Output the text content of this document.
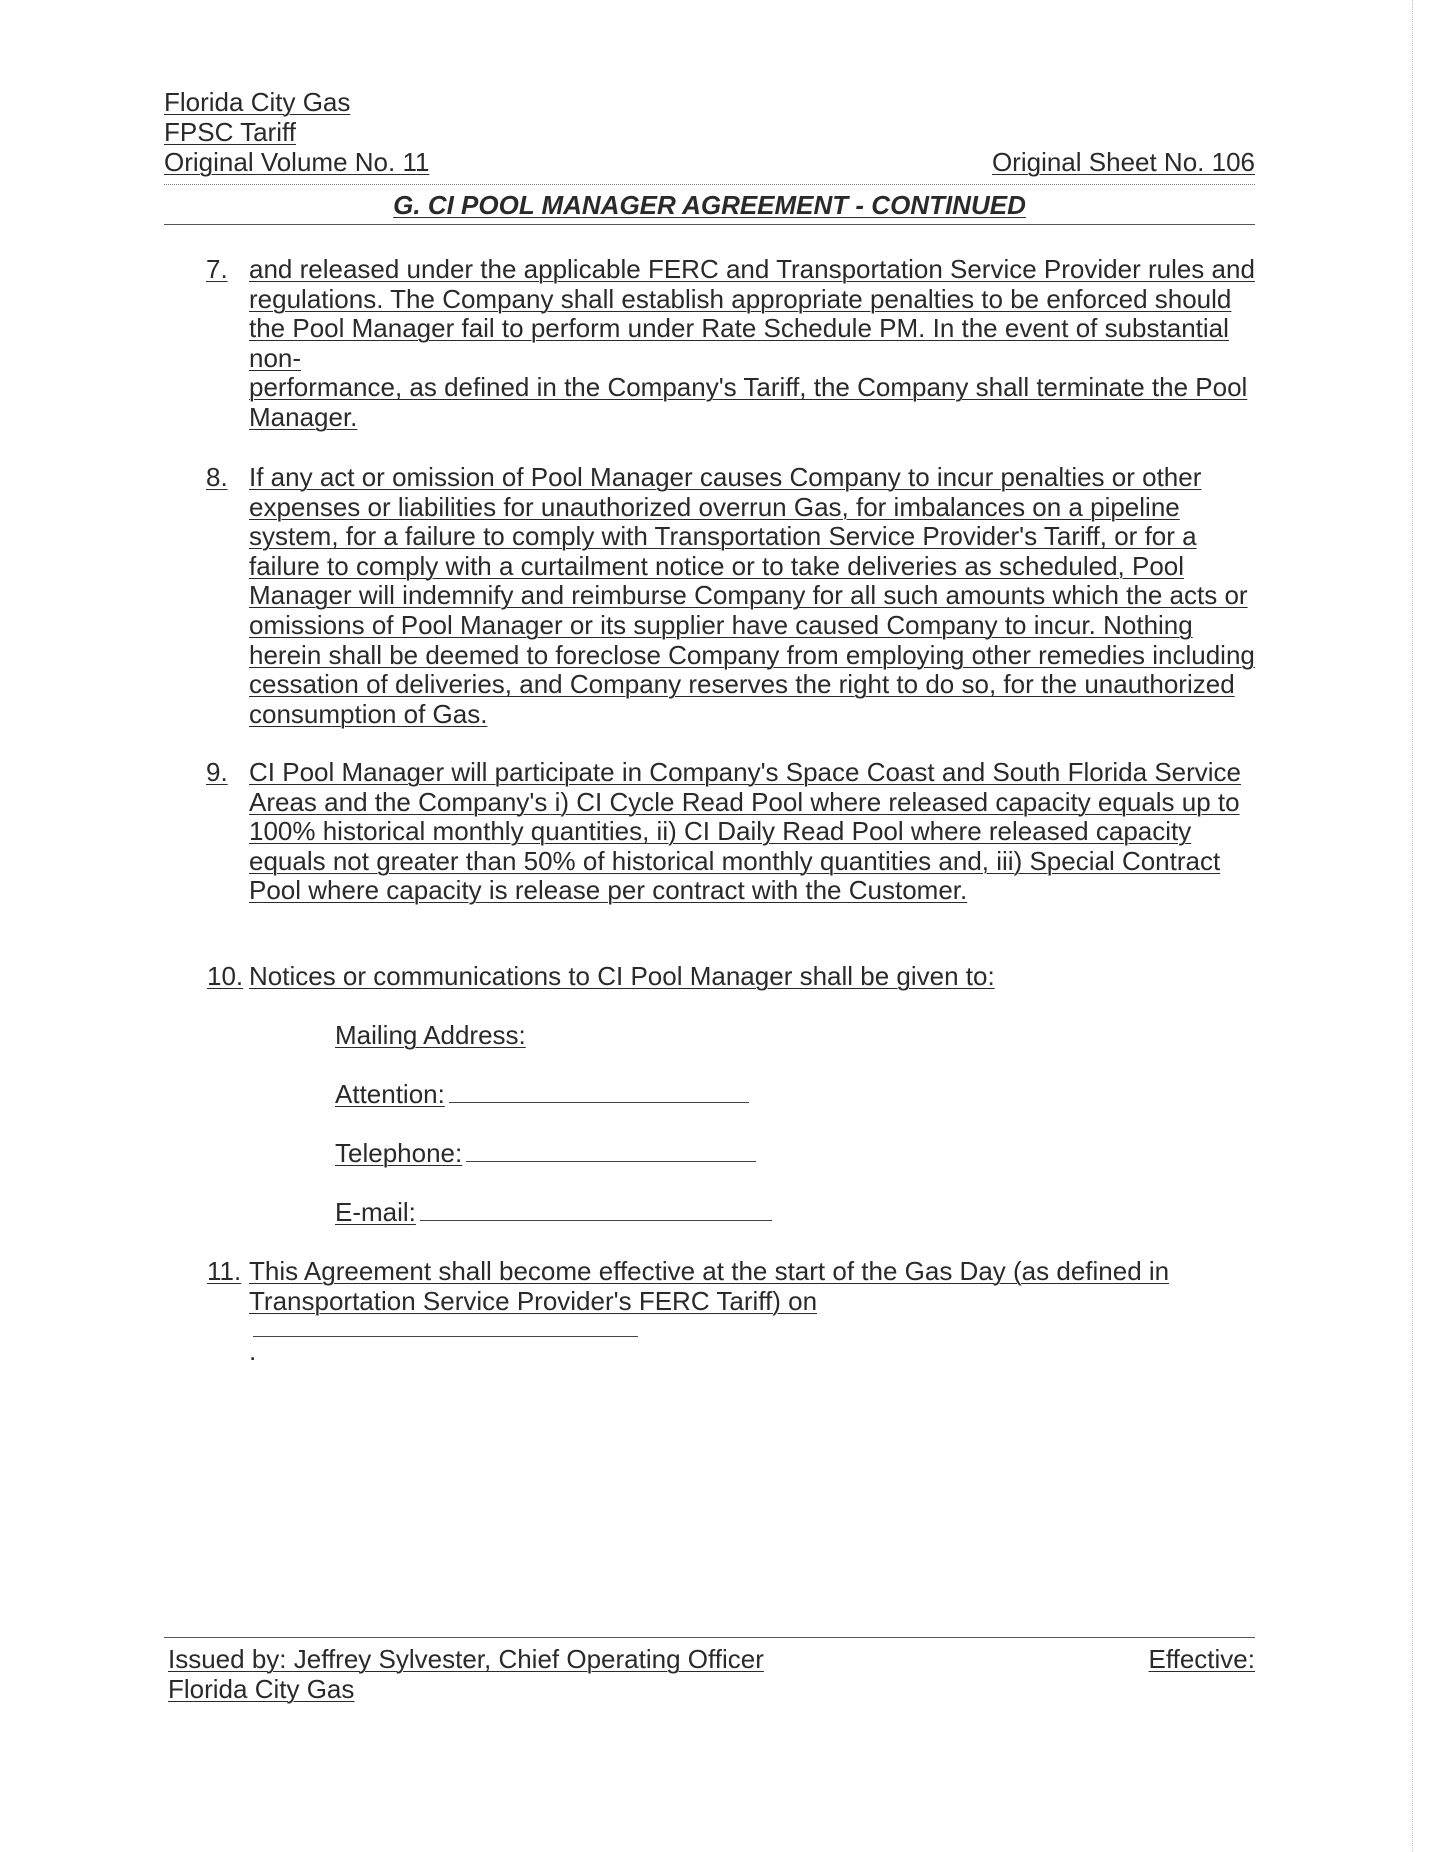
Florida City Gas
FPSC Tariff
Original Volume No. 11	Original Sheet No. 106
G. CI POOL MANAGER AGREEMENT - CONTINUED
7. and released under the applicable FERC and Transportation Service Provider rules and
regulations. The Company shall establish appropriate penalties to be enforced should
the Pool Manager fail to perform under Rate Schedule PM. In the event of substantial
non-
performance, as defined in the Company's Tariff, the Company shall terminate the Pool
Manager.
8. If any act or omission of Pool Manager causes Company to incur penalties or other
expenses or liabilities for unauthorized overrun Gas, for imbalances on a pipeline
system, for a failure to comply with Transportation Service Provider's Tariff, or for a
failure to comply with a curtailment notice or to take deliveries as scheduled, Pool
Manager will indemnify and reimburse Company for all such amounts which the acts or
omissions of Pool Manager or its supplier have caused Company to incur. Nothing
herein shall be deemed to foreclose Company from employing other remedies including
cessation of deliveries, and Company reserves the right to do so, for the unauthorized
consumption of Gas.
9. CI Pool Manager will participate in Company's Space Coast and South Florida Service
Areas and the Company's i) CI Cycle Read Pool where released capacity equals up to
100% historical monthly quantities, ii) CI Daily Read Pool where released capacity
equals not greater than 50% of historical monthly quantities and, iii) Special Contract
Pool where capacity is release per contract with the Customer.
10. Notices or communications to CI Pool Manager shall be given to:
Mailing Address:
Attention:
Telephone:
E-mail:
11. This Agreement shall become effective at the start of the Gas Day (as defined in
Transportation Service Provider's FERC Tariff) on
.
Issued by: Jeffrey Sylvester, Chief Operating Officer
Florida City Gas
Effective:
